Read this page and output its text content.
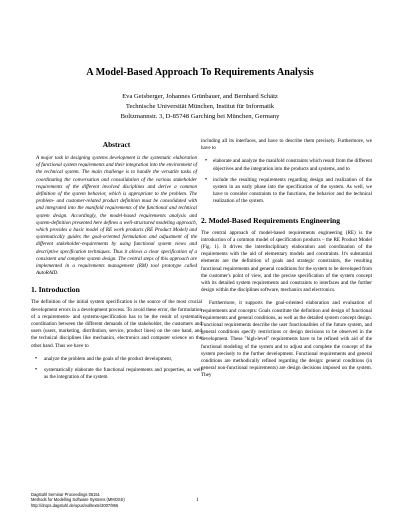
A Model-Based Approach To Requirements Analysis
Eva Geisberger, Johannes Grünbauer, and Bernhard Schätz
Technische Universität München, Institut für Informatik
Boltzmannstr. 3, D-85748 Garching bei München, Germany
Abstract

A major task in designing systems development is the systematic elaboration of functional system requirements and their integration into the environment of the technical system. The main challenge is to handle the versatile tasks of coordinating the conversation and consolidation of the various stakeholder requirements of the different involved disciplines and derive a common definition of the system behavior, which is appropriate to the problem. The problem- and customer-related product definition must be consolidated with and integrated into the manifold requirements of the functional and technical system design. Accordingly, the model-based requirements analysis and system-definition presented here defines a well-structured modeling approach, which provides a basic model of RE work products (RE Product Model) and systematically guides the goal-oriented formulation and adjustment of the different stakeholder-requirements by using functional system views and descriptive specification techniques. Thus it allows a clear specification of a consistent and complete system design. The central steps of this approach are implemented in a requirements management (RM) tool prototype called AutoRAID.

1. Introduction

The definition of the initial system specification is the source of the most crucial development errors in a development process. To avoid these error, the formulation of a requirements- and systems-specification has to be the result of systematic coordination between the different demands of the stakeholder, the customers and users (users, marketing, distribution, service, product lines) on the one hand, and the technical disciplines like mechanics, electronics and computer science on the other hand. Thus we have to

• analyze the problem and the goals of the product development,
• systematically elaborate the functional requirements and properties, as well as the integration of the system

including all its interfaces, and have to describe them precisely. Furthermore, we have to

• elaborate and analyze the manifold constraints which result from the different objectives and the integration into the products and systems, and to
• include the resulting requirements regarding design and realization of the system in an early phase into the specification of the system. As well, we have to consider constraints to the functions, the behavior and the technical realization of the system.
2. Model-Based Requirements Engineering

The central approach of model-based requirements engineering (RE) is the introduction of a common model of specification products – the RE Product Model (Fig. 1). It drives the interdisciplinary elaboration and coordination of the requirements with the aid of elementary models and constraints. It's substantial elements are the definition of goals and strategic constraints, the resulting functional requirements and general conditions for the system to be developed from the customer's point of view, and the precise specification of the system concept with its detailed system requirements and constraints to interfaces and the further design within the disciplines software, mechanics and electronics.

Furthermore, it supports the goal-oriented elaboration and evaluation of requirements and concepts: Goals constitute the definition and design of functional requirements and general conditions, as well as the detailed system concept design. Functional requirements describe the user functionalities of the future system, and general conditions specify restrictions or design decisions to be observed in the development. These "high-level" requirements have to be refined with aid of the functional modeling of the system and to adjust and complete the concept of the system precisely to the further development. Functional requirements and general conditions are methodically refined regarding the design: general conditions (in general non-functional requirements) are design decisions imposed on the system. They

Dagstuhl Seminar Proceedings 06151
Methods for Modelling Software Systems (MMOSS)
http://drops.dagstuhl.de/opus/volltexte/2007/866
1
